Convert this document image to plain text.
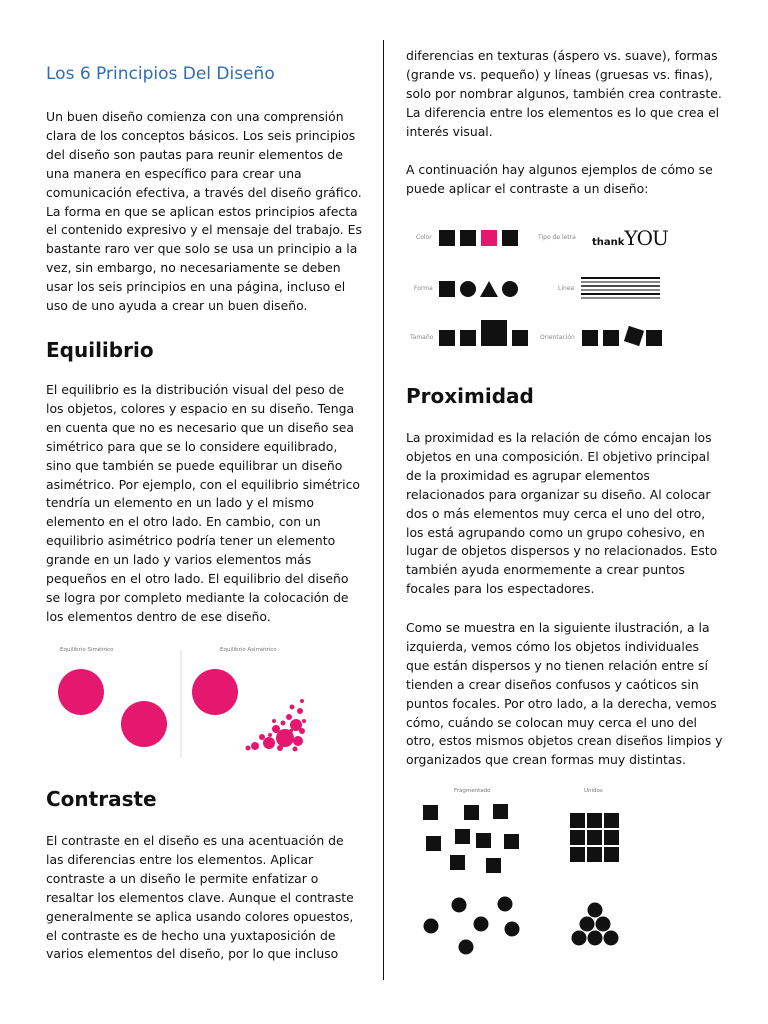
Los 6 Principios Del Diseño

Un buen diseño comienza con una comprensión clara de los conceptos básicos. Los seis principios del diseño son pautas para reunir elementos de una manera en específico para crear una comunicación efectiva, a través del diseño gráfico. La forma en que se aplican estos principios afecta el contenido expresivo y el mensaje del trabajo. Es bastante raro ver que solo se usa un principio a la vez, sin embargo, no necesariamente se deben usar los seis principios en una página, incluso el uso de uno ayuda a crear un buen diseño.

Equilibrio

El equilibrio es la distribución visual del peso de los objetos, colores y espacio en su diseño. Tenga en cuenta que no es necesario que un diseño sea simétrico para que se lo considere equilibrado, sino que también se puede equilibrar un diseño asimétrico. Por ejemplo, con el equilibrio simétrico tendría un elemento en un lado y el mismo elemento en el otro lado. En cambio, con un equilibrio asimétrico podría tener un elemento grande en un lado y varios elementos más pequeños en el otro lado. El equilibrio del diseño se logra por completo mediante la colocación de los elementos dentro de ese diseño.

Equilibrio Simétrico	Equilibrio Asimétrico
Contraste

El contraste en el diseño es una acentuación de las diferencias entre los elementos. Aplicar contraste a un diseño le permite enfatizar o resaltar los elementos clave. Aunque el contraste generalmente se aplica usando colores opuestos, el contraste es de hecho una yuxtaposición de varios elementos del diseño, por lo que incluso

diferencias en texturas (áspero vs. suave), formas (grande vs. pequeño) y líneas (gruesas vs. finas), solo por nombrar algunos, también crea contraste. La diferencia entre los elementos es lo que crea el interés visual.

A continuación hay algunos ejemplos de cómo se puede aplicar el contraste a un diseño:

Color	Tipo de letra
Forma	Línea
Tamaño	Orientación
thankYOU
Proximidad

La proximidad es la relación de cómo encajan los objetos en una composición. El objetivo principal de la proximidad es agrupar elementos relacionados para organizar su diseño. Al colocar dos o más elementos muy cerca el uno del otro, los está agrupando como un grupo cohesivo, en lugar de objetos dispersos y no relacionados. Esto también ayuda enormemente a crear puntos focales para los espectadores.

Como se muestra en la siguiente ilustración, a la izquierda, vemos cómo los objetos individuales que están dispersos y no tienen relación entre sí tienden a crear diseños confusos y caóticos sin puntos focales. Por otro lado, a la derecha, vemos cómo, cuándo se colocan muy cerca el uno del otro, estos mismos objetos crean diseños limpios y organizados que crean formas muy distintas.

Fragmentado	Unidos
